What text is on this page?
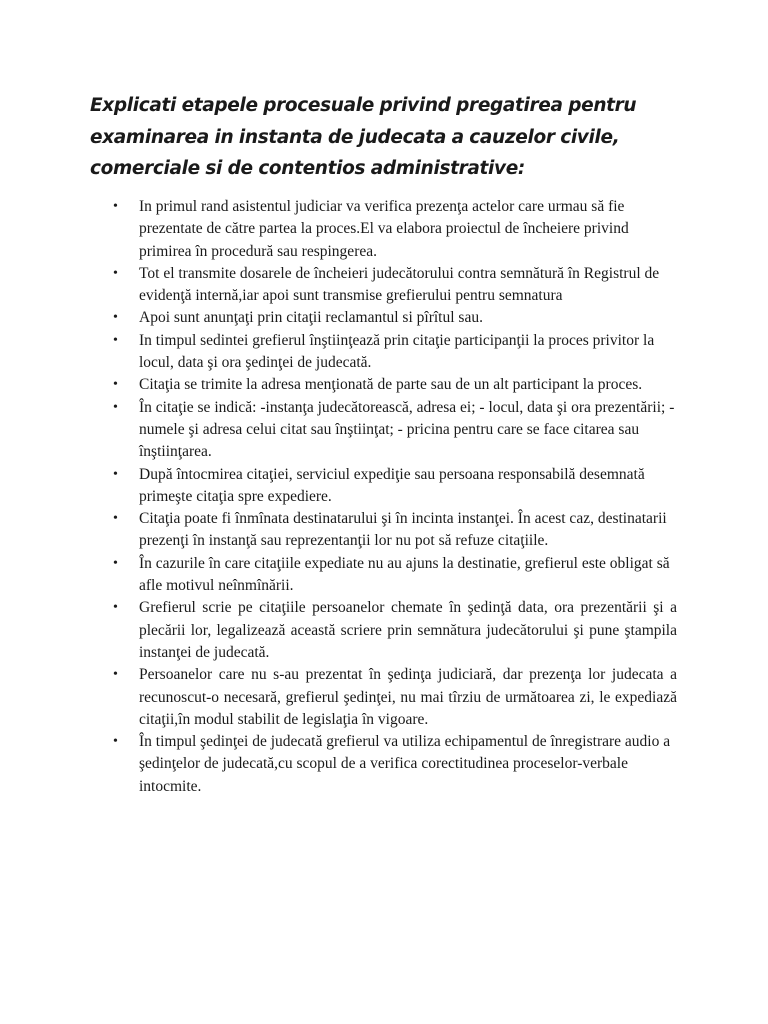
Explicati etapele procesuale privind pregatirea pentru examinarea in instanta de judecata a cauzelor civile, comerciale si de contentios administrative:
• In primul rand asistentul judiciar va verifica prezenţa actelor care urmau să fie prezentate de către partea la proces.El va elabora proiectul de încheiere privind primirea în procedură sau respingerea.
• Tot el transmite dosarele de încheieri judecătorului contra semnătură în Registrul de evidenţă internă,iar apoi sunt transmise grefierului pentru semnatura
• Apoi sunt anunţaţi prin citaţii reclamantul si pîrîtul sau.
• In timpul sedintei grefierul înştiinţează prin citaţie participanţii la proces privitor la locul, data şi ora şedinţei de judecată.
• Citaţia se trimite la adresa menţionată de parte sau de un alt participant la proces.
• În citaţie se indică: -instanţa judecătorească, adresa ei; - locul, data şi ora prezentării; - numele şi adresa celui citat sau înştiinţat; - pricina pentru care se face citarea sau înştiinţarea.
• După întocmirea citaţiei, serviciul expediţie sau persoana responsabilă desemnată primeşte citaţia spre expediere.
• Citaţia poate fi înmînata destinatarului şi în incinta instanţei. În acest caz, destinatarii prezenţi în instanţă sau reprezentanţii lor nu pot să refuze citaţiile.
• În cazurile în care citaţiile expediate nu au ajuns la destinatie, grefierul este obligat să afle motivul neînmînării.
• Grefierul scrie pe citaţiile persoanelor chemate în şedinţă data, ora prezentării şi a plecării lor, legalizează această scriere prin semnătura judecătorului şi pune ştampila instanţei de judecată.
• Persoanelor care nu s-au prezentat în şedinţa judiciară, dar prezenţa lor judecata a recunoscut-o necesară, grefierul şedinţei, nu mai tîrziu de următoarea zi, le expediază citaţii,în modul stabilit de legislaţia în vigoare.
• În timpul şedinţei de judecată grefierul va utiliza echipamentul de înregistrare audio a şedinţelor de judecată,cu scopul de a verifica corectitudinea proceselor-verbale intocmite.
